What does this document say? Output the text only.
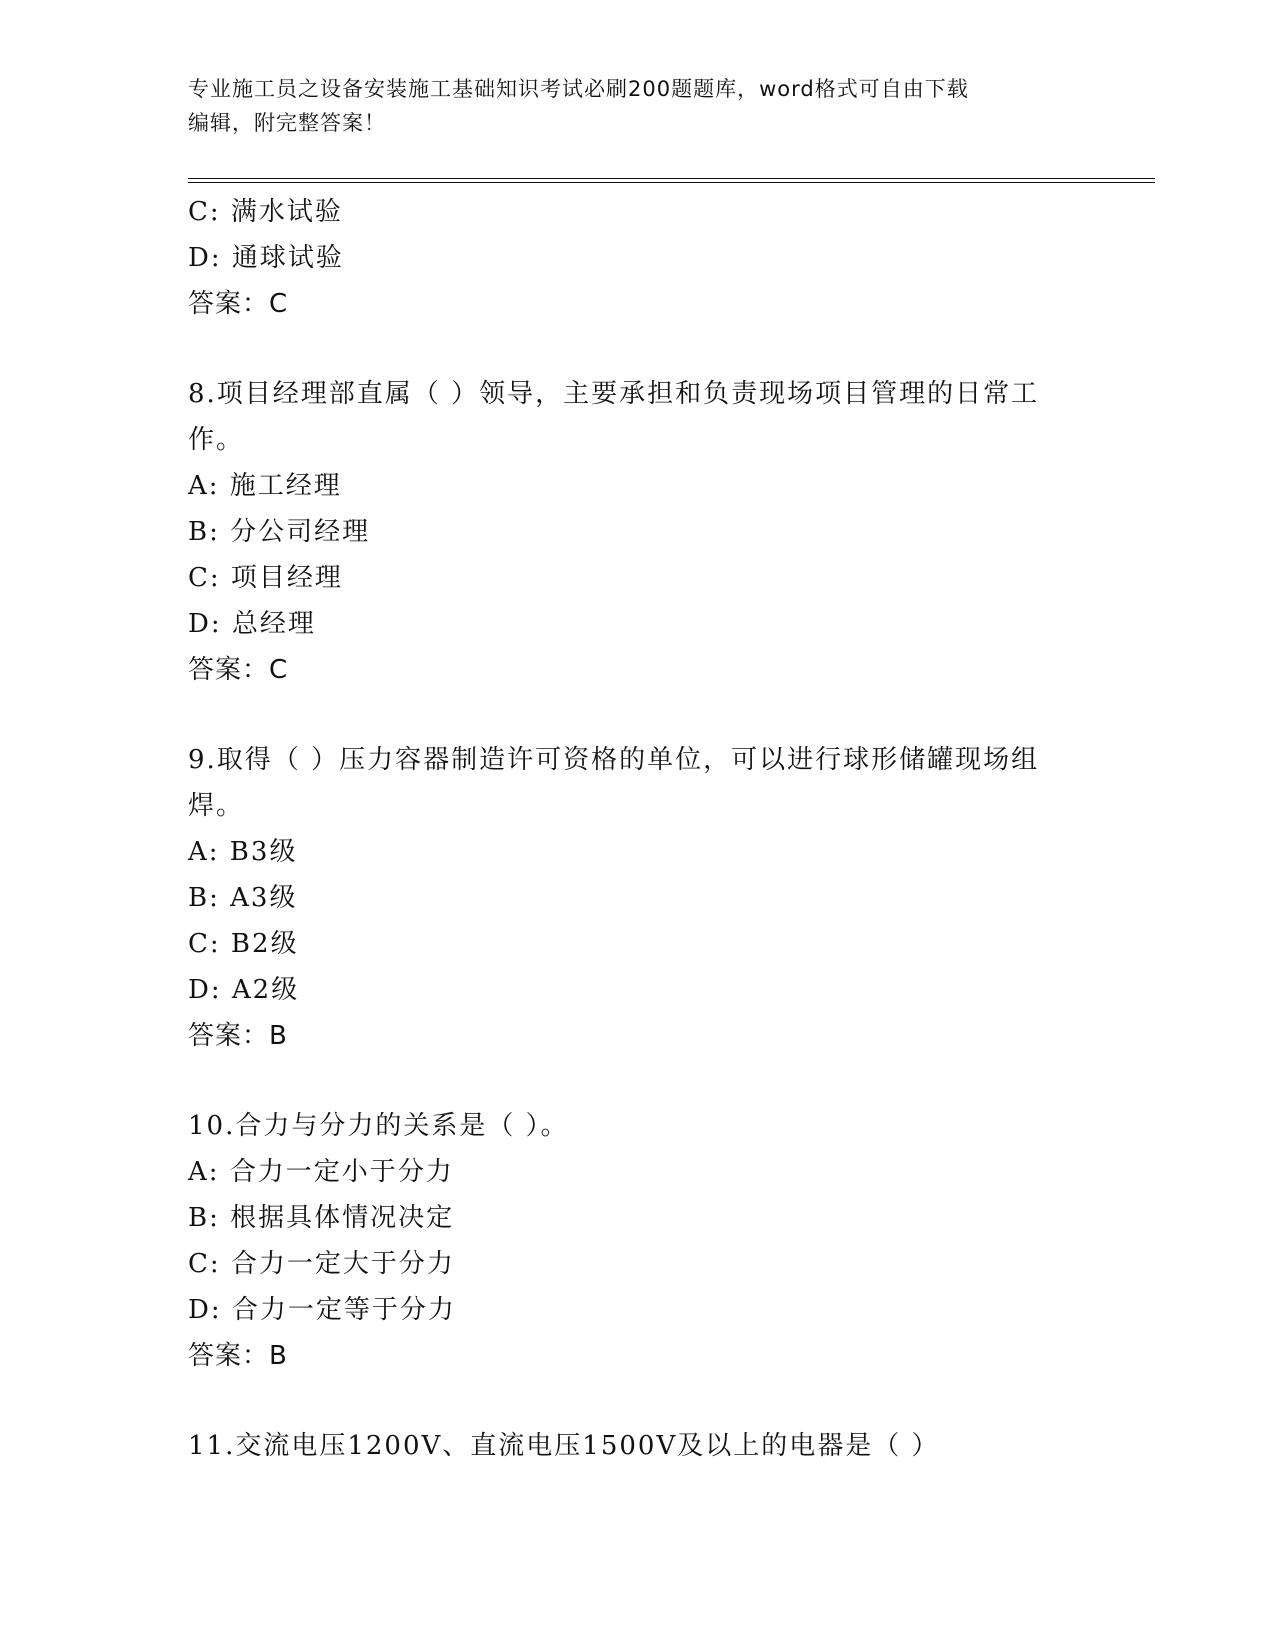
专业施工员之设备安装施工基础知识考试必刷200题题库，word格式可自由下载
编辑，附完整答案！
C: 满水试验
D: 通球试验
答案：C
8.项目经理部直属（ ）领导，主要承担和负责现场项目管理的日常工
作。
A: 施工经理
B: 分公司经理
C: 项目经理
D: 总经理
答案：C
9.取得（ ）压力容器制造许可资格的单位，可以进行球形储罐现场组
焊。
A: B3级
B: A3级
C: B2级
D: A2级
答案：B
10.合力与分力的关系是（ ）。
A: 合力一定小于分力
B: 根据具体情况决定
C: 合力一定大于分力
D: 合力一定等于分力
答案：B
11.交流电压1200V、直流电压1500V及以上的电器是（ ）
